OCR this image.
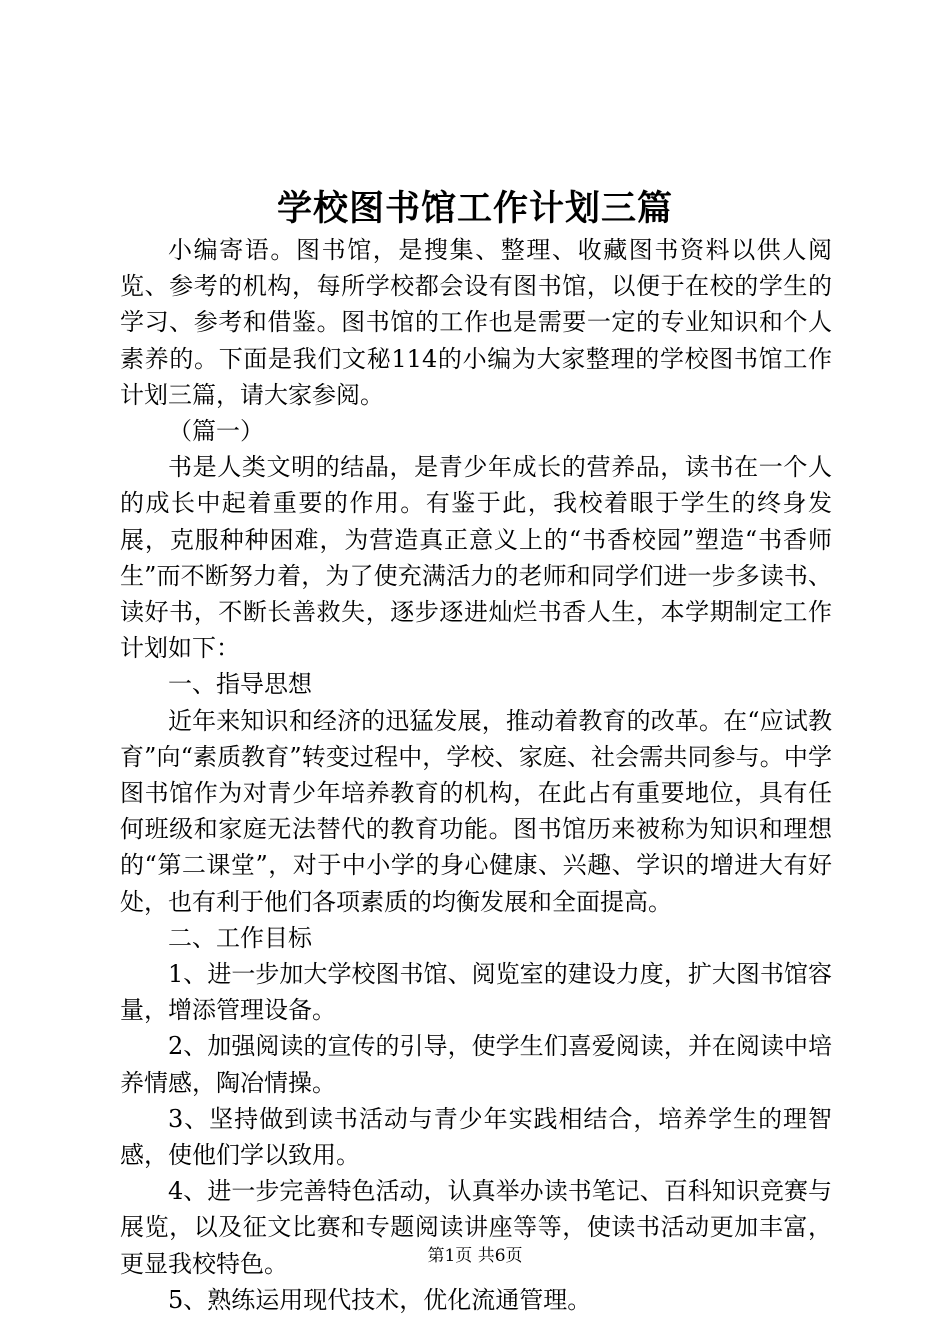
学校图书馆工作计划三篇

小编寄语。图书馆，是搜集、整理、收藏图书资料以供人阅览、参考的机构，每所学校都会设有图书馆，以便于在校的学生的学习、参考和借鉴。图书馆的工作也是需要一定的专业知识和个人素养的。下面是我们文秘114的小编为大家整理的学校图书馆工作计划三篇，请大家参阅。

（篇一）

书是人类文明的结晶，是青少年成长的营养品，读书在一个人的成长中起着重要的作用。有鉴于此，我校着眼于学生的终身发展，克服种种困难，为营造真正意义上的“书香校园”塑造“书香师生”而不断努力着，为了使充满活力的老师和同学们进一步多读书、读好书，不断长善救失，逐步逐进灿烂书香人生，本学期制定工作计划如下：

一、指导思想

近年来知识和经济的迅猛发展，推动着教育的改革。在“应试教育”向“素质教育”转变过程中，学校、家庭、社会需共同参与。中学图书馆作为对青少年培养教育的机构，在此占有重要地位，具有任何班级和家庭无法替代的教育功能。图书馆历来被称为知识和理想的“第二课堂”，对于中小学的身心健康、兴趣、学识的增进大有好处，也有利于他们各项素质的均衡发展和全面提高。

二、工作目标

1、进一步加大学校图书馆、阅览室的建设力度，扩大图书馆容量，增添管理设备。

2、加强阅读的宣传的引导，使学生们喜爱阅读，并在阅读中培养情感，陶冶情操。

3、坚持做到读书活动与青少年实践相结合，培养学生的理智感，使他们学以致用。

4、进一步完善特色活动，认真举办读书笔记、百科知识竞赛与展览，以及征文比赛和专题阅读讲座等等，使读书活动更加丰富，更显我校特色。

5、熟练运用现代技术，优化流通管理。

第1页 共6页
